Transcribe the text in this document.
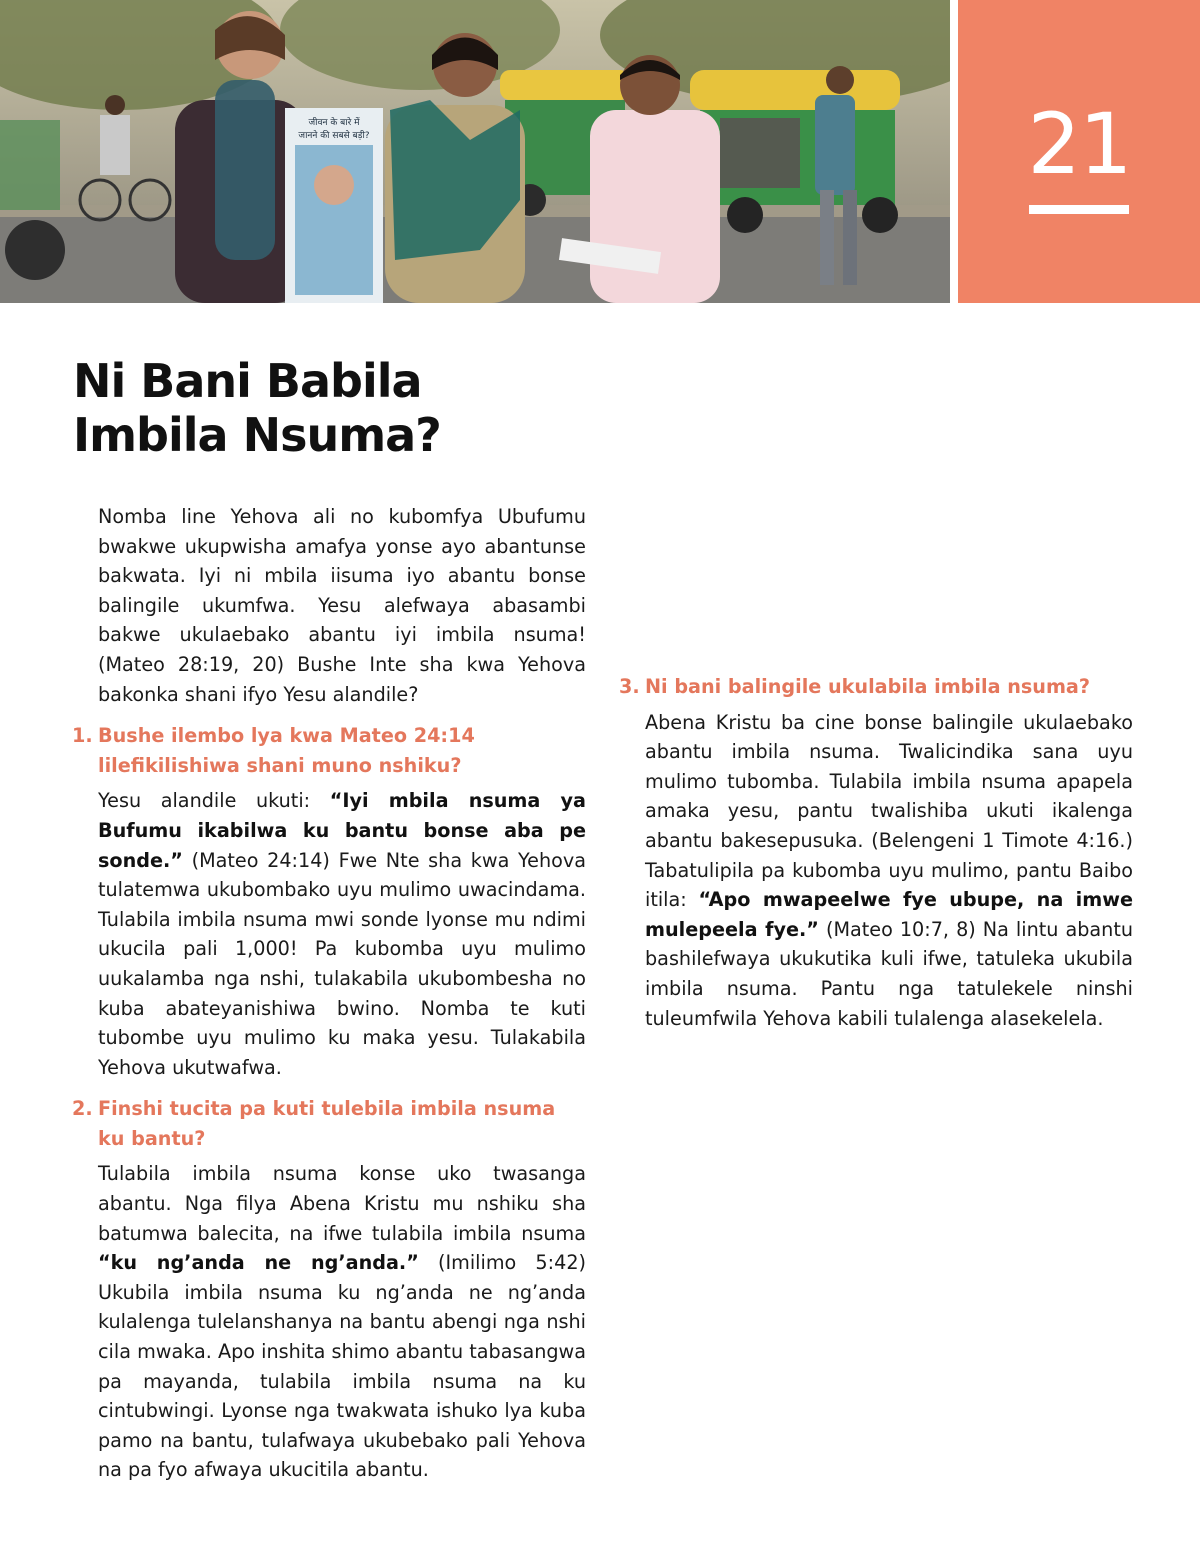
जीवन के बारे में
जानने की सबसे बड़ी?	21
Ni Bani Babila
Imbila Nsuma?

Nomba line Yehova ali no kubomfya Ubufumu bwakwe ukupwisha amafya yonse ayo abantunse bakwata. Iyi ni mbila iisuma iyo abantu bonse balingile ukumfwa. Yesu alefwaya abasambi bakwe ukulaebako abantu iyi imbila nsuma! (Mateo 28:19, 20) Bushe Inte sha kwa Yehova bakonka shani ifyo Yesu alandile?

1. Bushe ilembo lya kwa Mateo 24:14 lilefikilishiwa shani muno nshiku?

Yesu alandile ukuti: “Iyi mbila nsuma ya Bufumu ikabilwa ku bantu bonse aba pe sonde.” (Mateo 24:14) Fwe Nte sha kwa Yehova tulatemwa ukubombako uyu mulimo uwacindama. Tulabila imbila nsuma mwi sonde lyonse mu ndimi ukucila pali 1,000! Pa kubomba uyu mulimo uukalamba nga nshi, tulakabila ukubombesha no kuba abateyanishiwa bwino. Nomba te kuti tubombe uyu mulimo ku maka yesu. Tulakabila Yehova ukutwafwa.

2. Finshi tucita pa kuti tulebila imbila nsuma ku bantu?

Tulabila imbila nsuma konse uko twasanga abantu. Nga filya Abena Kristu mu nshiku sha batumwa balecita, na ifwe tulabila imbila nsuma “ku ng’anda ne ng’anda.” (Imilimo 5:42) Ukubila imbila nsuma ku ng’anda ne ng’anda kulalenga tulelanshanya na bantu abengi nga nshi cila mwaka. Apo inshita shimo abantu tabasangwa pa mayanda, tulabila imbila nsuma na ku cintubwingi. Lyonse nga twakwata ishuko lya kuba pamo na bantu, tulafwaya ukubebako pali Yehova na pa fyo afwaya ukucitila abantu.

3. Ni bani balingile ukulabila imbila nsuma?

Abena Kristu ba cine bonse balingile ukulaebako abantu imbila nsuma. Twalicindika sana uyu mulimo tubomba. Tulabila imbila nsuma apapela amaka yesu, pantu twalishiba ukuti ikalenga abantu bakesepusuka. (Belengeni 1 Timote 4:16.) Tabatulipila pa kubomba uyu mulimo, pantu Baibo itila: “Apo mwapeelwe fye ubupe, na imwe mulepeela fye.” (Mateo 10:7, 8) Na lintu abantu bashilefwaya ukukutika kuli ifwe, tatuleka ukubila imbila nsuma. Pantu nga tatulekele ninshi tuleumfwila Yehova kabili tulalenga alasekelela.
